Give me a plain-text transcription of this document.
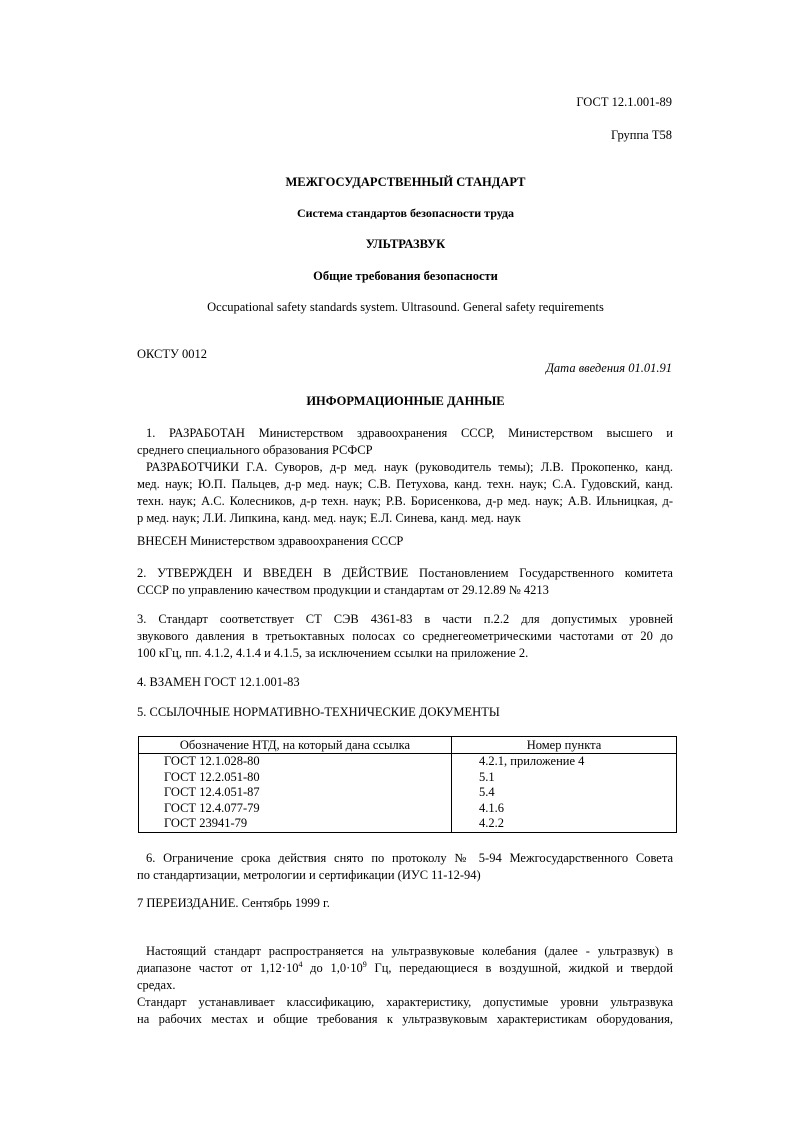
ГОСТ 12.1.001-89
Группа Т58
МЕЖГОСУДАРСТВЕННЫЙ СТАНДАРТ
Система стандартов безопасности труда
УЛЬТРАЗВУК
Общие требования безопасности
Occupational safety standards system. Ultrasound. General safety requirements
ОКСТУ 0012
Дата введения 01.01.91
ИНФОРМАЦИОННЫЕ ДАННЫЕ

1. РАЗРАБОТАН Министерством здравоохранения СССР, Министерством высшего и

среднего специального образования РСФСР

РАЗРАБОТЧИКИ Г.А. Суворов, д-р мед. наук (руководитель темы); Л.В. Прокопенко, канд.

мед. наук; Ю.П. Пальцев, д-р мед. наук; С.В. Петухова, канд. техн. наук; С.А. Гудовский, канд.

техн. наук; А.С. Колесников, д-р техн. наук; Р.В. Борисенкова, д-р мед. наук; А.В. Ильницкая, д-

р мед. наук; Л.И. Липкина, канд. мед. наук; Е.Л. Синева, канд. мед. наук

ВНЕСЕН Министерством здравоохранения СССР

2. УТВЕРЖДЕН И ВВЕДЕН В ДЕЙСТВИЕ Постановлением Государственного комитета

СССР по управлению качеством продукции и стандартам от 29.12.89 № 4213

3. Стандарт соответствует СТ СЭВ 4361-83 в части п.2.2 для допустимых уровней

звукового давления в третьоктавных полосах со среднегеометрическими частотами от 20 до

100 кГц, пп. 4.1.2, 4.1.4 и 4.1.5, за исключением ссылки на приложение 2.

4. ВЗАМЕН ГОСТ 12.1.001-83
5. ССЫЛОЧНЫЕ НОРМАТИВНО-ТЕХНИЧЕСКИЕ ДОКУМЕНТЫ
Обозначение НТД, на который дана ссылка	Номер пункта
ГОСТ 12.1.028-80	4.2.1, приложение 4
ГОСТ 12.2.051-80	5.1
ГОСТ 12.4.051-87	5.4
ГОСТ 12.4.077-79	4.1.6
ГОСТ 23941-79	4.2.2

6. Ограничение срока действия снято по протоколу № 5-94 Межгосударственного Совета

по стандартизации, метрологии и сертификации (ИУС 11-12-94)

7 ПЕРЕИЗДАНИЕ. Сентябрь 1999 г.

Настоящий стандарт распространяется на ультразвуковые колебания (далее - ультразвук) в

диапазоне частот от $1,12\cdot 10^4$ до $1,0\cdot 10^9$ Гц, передающиеся в воздушной, жидкой и твердой

средах.

Стандарт устанавливает классификацию, характеристику, допустимые уровни ультразвука

на рабочих местах и общие требования к ультразвуковым характеристикам оборудования,
